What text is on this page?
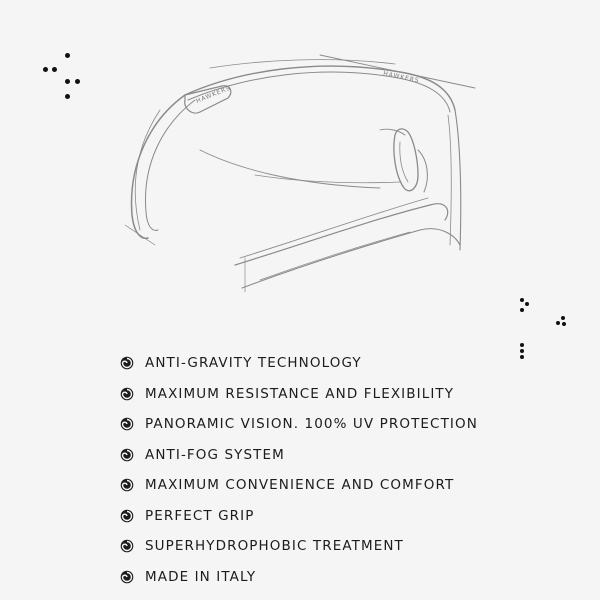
HAWKERS
HAWKERS
ANTI-GRAVITY TECHNOLOGY
MAXIMUM RESISTANCE AND FLEXIBILITY
PANORAMIC VISION. 100% UV PROTECTION
ANTI-FOG SYSTEM
MAXIMUM CONVENIENCE AND COMFORT
PERFECT GRIP
SUPERHYDROPHOBIC TREATMENT
MADE IN ITALY
